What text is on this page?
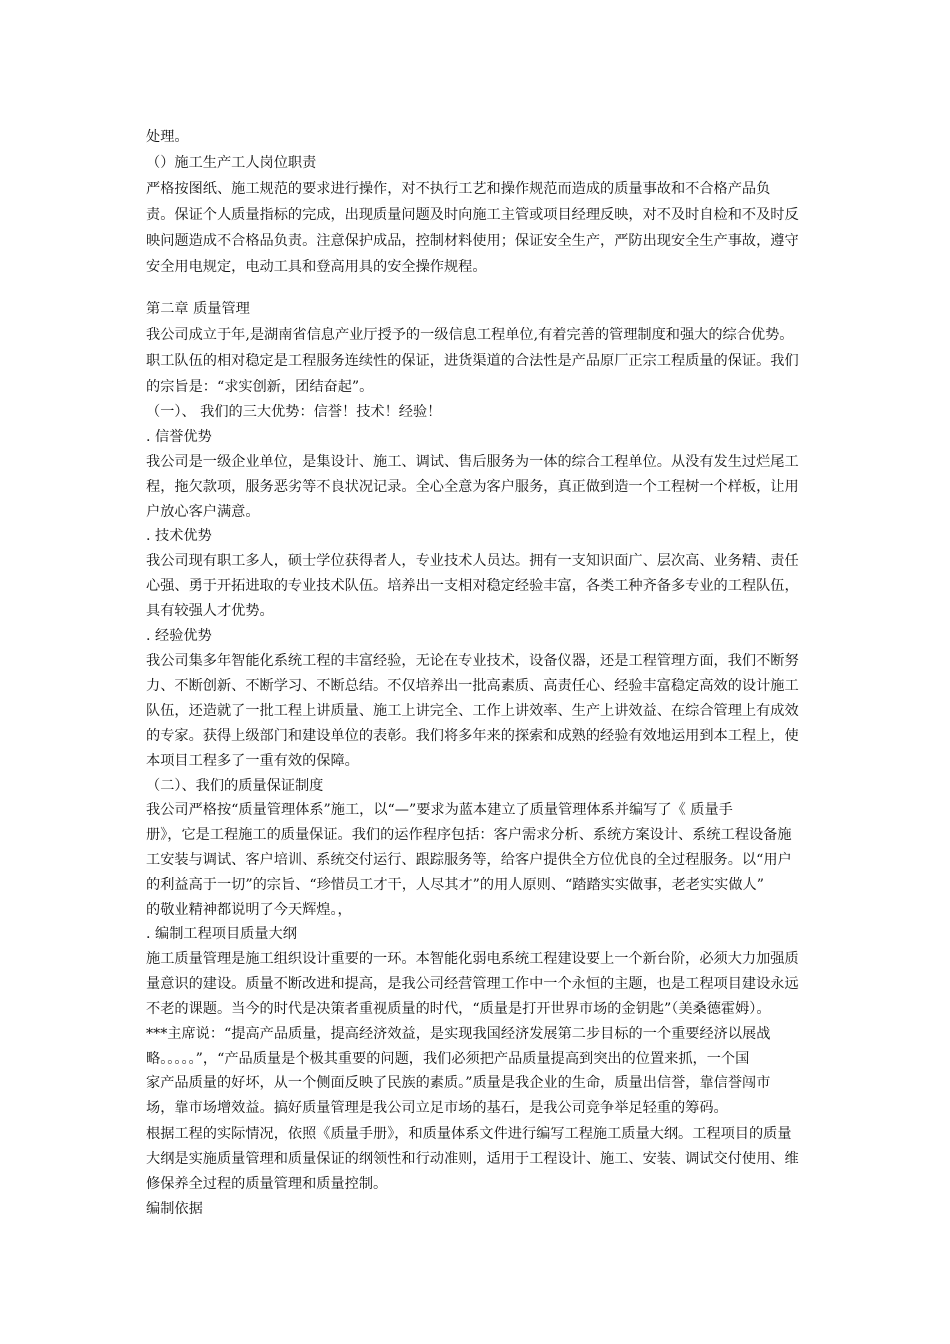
处理。
（）施工生产工人岗位职责
严格按图纸、施工规范的要求进行操作，对不执行工艺和操作规范而造成的质量事故和不合格产品负
责。保证个人质量指标的完成，出现质量问题及时向施工主管或项目经理反映，对不及时自检和不及时反
映问题造成不合格品负责。注意保护成品，控制材料使用；保证安全生产，严防出现安全生产事故，遵守
安全用电规定，电动工具和登高用具的安全操作规程。
第二章 质量管理
我公司成立于年,是湖南省信息产业厅授予的一级信息工程单位,有着完善的管理制度和强大的综合优势。
职工队伍的相对稳定是工程服务连续性的保证，进货渠道的合法性是产品原厂正宗工程质量的保证。我们
的宗旨是：“求实创新，团结奋起”。
（一）、 我们的三大优势：信誉！技术！经验！
. 信誉优势
我公司是一级企业单位，是集设计、施工、调试、售后服务为一体的综合工程单位。从没有发生过烂尾工
程，拖欠款项，服务恶劣等不良状况记录。全心全意为客户服务，真正做到造一个工程树一个样板，让用
户放心客户满意。
. 技术优势
我公司现有职工多人，硕士学位获得者人，专业技术人员达。拥有一支知识面广、层次高、业务精、责任
心强、勇于开拓进取的专业技术队伍。培养出一支相对稳定经验丰富，各类工种齐备多专业的工程队伍，
具有较强人才优势。
. 经验优势
我公司集多年智能化系统工程的丰富经验，无论在专业技术，设备仪器，还是工程管理方面，我们不断努
力、不断创新、不断学习、不断总结。不仅培养出一批高素质、高责任心、经验丰富稳定高效的设计施工
队伍，还造就了一批工程上讲质量、施工上讲完全、工作上讲效率、生产上讲效益、在综合管理上有成效
的专家。获得上级部门和建设单位的表彰。我们将多年来的探索和成熟的经验有效地运用到本工程上，使
本项目工程多了一重有效的保障。
（二）、我们的质量保证制度
我公司严格按“质量管理体系”施工，以“—”要求为蓝本建立了质量管理体系并编写了《 质量手
册》，它是工程施工的质量保证。我们的运作程序包括：客户需求分析、系统方案设计、系统工程设备施
工安装与调试、客户培训、系统交付运行、跟踪服务等，给客户提供全方位优良的全过程服务。以“用户
的利益高于一切”的宗旨、“珍惜员工才干，人尽其才”的用人原则、“踏踏实实做事，老老实实做人”
的敬业精神都说明了今天辉煌。，
. 编制工程项目质量大纲
施工质量管理是施工组织设计重要的一环。本智能化弱电系统工程建设要上一个新台阶，必须大力加强质
量意识的建设。质量不断改进和提高，是我公司经营管理工作中一个永恒的主题，也是工程项目建设永远
不老的课题。当今的时代是决策者重视质量的时代，“质量是打开世界市场的金钥匙”（美桑德霍姆）。
***主席说：“提高产品质量，提高经济效益，是实现我国经济发展第二步目标的一个重要经济以展战
略。。。。。”，“产品质量是个极其重要的问题，我们必须把产品质量提高到突出的位置来抓，一个国
家产品质量的好坏，从一个侧面反映了民族的素质。”质量是我企业的生命，质量出信誉，靠信誉闯市
场，靠市场增效益。搞好质量管理是我公司立足市场的基石，是我公司竞争举足轻重的筹码。
根据工程的实际情况，依照《质量手册》，和质量体系文件进行编写工程施工质量大纲。工程项目的质量
大纲是实施质量管理和质量保证的纲领性和行动准则，适用于工程设计、施工、安装、调试交付使用、维
修保养全过程的质量管理和质量控制。
编制依据
